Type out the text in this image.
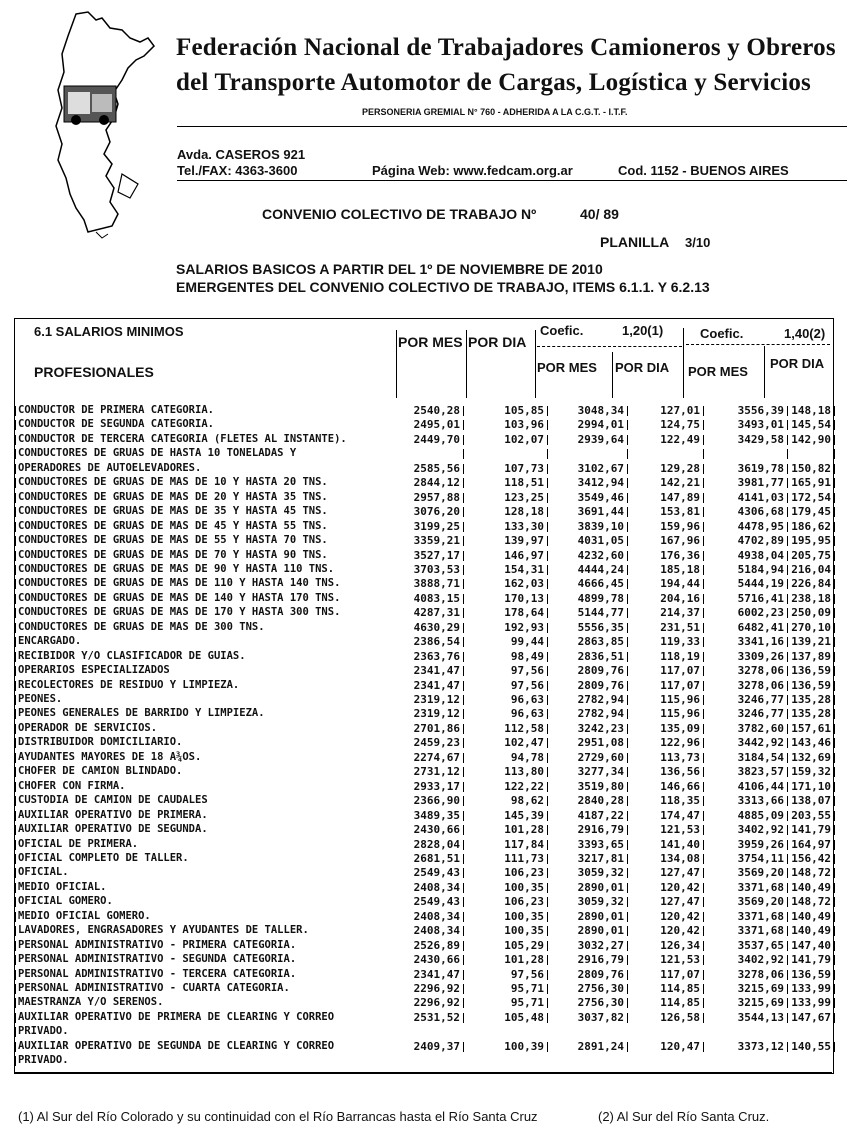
Federación Nacional de Trabajadores Camioneros y Obreros
del Transporte Automotor de Cargas, Logística y Servicios
PERSONERIA GREMIAL N° 760 - ADHERIDA A LA C.G.T. - I.T.F.
Avda. CASEROS 921
Tel./FAX: 4363-3600	Página Web: www.fedcam.org.ar	Cod. 1152 - BUENOS AIRES
CONVENIO COLECTIVO DE TRABAJO Nº	40/ 89
PLANILLA 3/10
SALARIOS BASICOS A PARTIR DEL 1º DE NOVIEMBRE DE 2010
EMERGENTES DEL CONVENIO COLECTIVO DE TRABAJO, ITEMS 6.1.1. Y 6.2.13
6.1 SALARIOS MINIMOS
PROFESIONALES
POR MES POR DIA
Coefic.	1,20(1)	Coefic.	1,40(2)
POR MES POR DIA POR MES
POR DIA
CONDUCTOR DE PRIMERA CATEGORIA.	2540,28	105,85	3048,34	127,01	3556,39 148,18
CONDUCTOR DE SEGUNDA CATEGORIA.	2495,01	103,96	2994,01	124,75	3493,01 145,54
CONDUCTOR DE TERCERA CATEGORIA (FLETES AL INSTANTE).	2449,70	102,07	2939,64	122,49	3429,58 142,90
CONDUCTORES DE GRUAS DE HASTA 10 TONELADAS Y
OPERADORES DE AUTOELEVADORES.	2585,56	107,73	3102,67	129,28	3619,78 150,82
CONDUCTORES DE GRUAS DE MAS DE 10 Y HASTA 20 TNS.	2844,12	118,51	3412,94	142,21	3981,77 165,91
CONDUCTORES DE GRUAS DE MAS DE 20 Y HASTA 35 TNS.	2957,88	123,25	3549,46	147,89	4141,03 172,54
CONDUCTORES DE GRUAS DE MAS DE 35 Y HASTA 45 TNS.	3076,20	128,18	3691,44	153,81	4306,68 179,45
CONDUCTORES DE GRUAS DE MAS DE 45 Y HASTA 55 TNS.	3199,25	133,30	3839,10	159,96	4478,95 186,62
CONDUCTORES DE GRUAS DE MAS DE 55 Y HASTA 70 TNS.	3359,21	139,97	4031,05	167,96	4702,89 195,95
CONDUCTORES DE GRUAS DE MAS DE 70 Y HASTA 90 TNS.	3527,17	146,97	4232,60	176,36	4938,04 205,75
CONDUCTORES DE GRUAS DE MAS DE 90 Y HASTA 110 TNS.	3703,53	154,31	4444,24	185,18	5184,94 216,04
CONDUCTORES DE GRUAS DE MAS DE 110 Y HASTA 140 TNS.	3888,71	162,03	4666,45	194,44	5444,19 226,84
CONDUCTORES DE GRUAS DE MAS DE 140 Y HASTA 170 TNS.	4083,15	170,13	4899,78	204,16	5716,41 238,18
CONDUCTORES DE GRUAS DE MAS DE 170 Y HASTA 300 TNS.	4287,31	178,64	5144,77	214,37	6002,23 250,09
CONDUCTORES DE GRUAS DE MAS DE 300 TNS.	4630,29	192,93	5556,35	231,51	6482,41 270,10
ENCARGADO.	2386,54	99,44	2863,85	119,33	3341,16 139,21
RECIBIDOR Y/O CLASIFICADOR DE GUIAS.	2363,76	98,49	2836,51	118,19	3309,26 137,89
OPERARIOS ESPECIALIZADOS	2341,47	97,56	2809,76	117,07	3278,06 136,59
RECOLECTORES DE RESIDUO Y LIMPIEZA.	2341,47	97,56	2809,76	117,07	3278,06 136,59
PEONES.	2319,12	96,63	2782,94	115,96	3246,77 135,28
PEONES GENERALES DE BARRIDO Y LIMPIEZA.	2319,12	96,63	2782,94	115,96	3246,77 135,28
OPERADOR DE SERVICIOS.	2701,86	112,58	3242,23	135,09	3782,60 157,61
DISTRIBUIDOR DOMICILIARIO.	2459,23	102,47	2951,08	122,96	3442,92 143,46
AYUDANTES MAYORES DE 18 A¾OS.	2274,67	94,78	2729,60	113,73	3184,54 132,69
CHOFER DE CAMION BLINDADO.	2731,12	113,80	3277,34	136,56	3823,57 159,32
CHOFER CON FIRMA.	2933,17	122,22	3519,80	146,66	4106,44 171,10
CUSTODIA DE CAMION DE CAUDALES	2366,90	98,62	2840,28	118,35	3313,66 138,07
AUXILIAR OPERATIVO DE PRIMERA.	3489,35	145,39	4187,22	174,47	4885,09 203,55
AUXILIAR OPERATIVO DE SEGUNDA.	2430,66	101,28	2916,79	121,53	3402,92 141,79
OFICIAL DE PRIMERA.	2828,04	117,84	3393,65	141,40	3959,26 164,97
OFICIAL COMPLETO DE TALLER.	2681,51	111,73	3217,81	134,08	3754,11 156,42
OFICIAL.	2549,43	106,23	3059,32	127,47	3569,20 148,72
MEDIO OFICIAL.	2408,34	100,35	2890,01	120,42	3371,68 140,49
OFICIAL GOMERO.	2549,43	106,23	3059,32	127,47	3569,20 148,72
MEDIO OFICIAL GOMERO.	2408,34	100,35	2890,01	120,42	3371,68 140,49
LAVADORES, ENGRASADORES Y AYUDANTES DE TALLER.	2408,34	100,35	2890,01	120,42	3371,68 140,49
PERSONAL ADMINISTRATIVO - PRIMERA CATEGORIA.	2526,89	105,29	3032,27	126,34	3537,65 147,40
PERSONAL ADMINISTRATIVO - SEGUNDA CATEGORIA.	2430,66	101,28	2916,79	121,53	3402,92 141,79
PERSONAL ADMINISTRATIVO - TERCERA CATEGORIA.	2341,47	97,56	2809,76	117,07	3278,06 136,59
PERSONAL ADMINISTRATIVO - CUARTA CATEGORIA.	2296,92	95,71	2756,30	114,85	3215,69 133,99
MAESTRANZA Y/O SERENOS.	2296,92	95,71	2756,30	114,85	3215,69 133,99
AUXILIAR OPERATIVO DE PRIMERA DE CLEARING Y CORREO	2531,52	105,48	3037,82	126,58	3544,13 147,67
PRIVADO.
AUXILIAR OPERATIVO DE SEGUNDA DE CLEARING Y CORREO	2409,37	100,39	2891,24	120,47	3373,12 140,55
PRIVADO.
(1) Al Sur del Río Colorado y su continuidad con el Río Barrancas hasta el Río Santa Cruz	(2) Al Sur del Río Santa Cruz.
